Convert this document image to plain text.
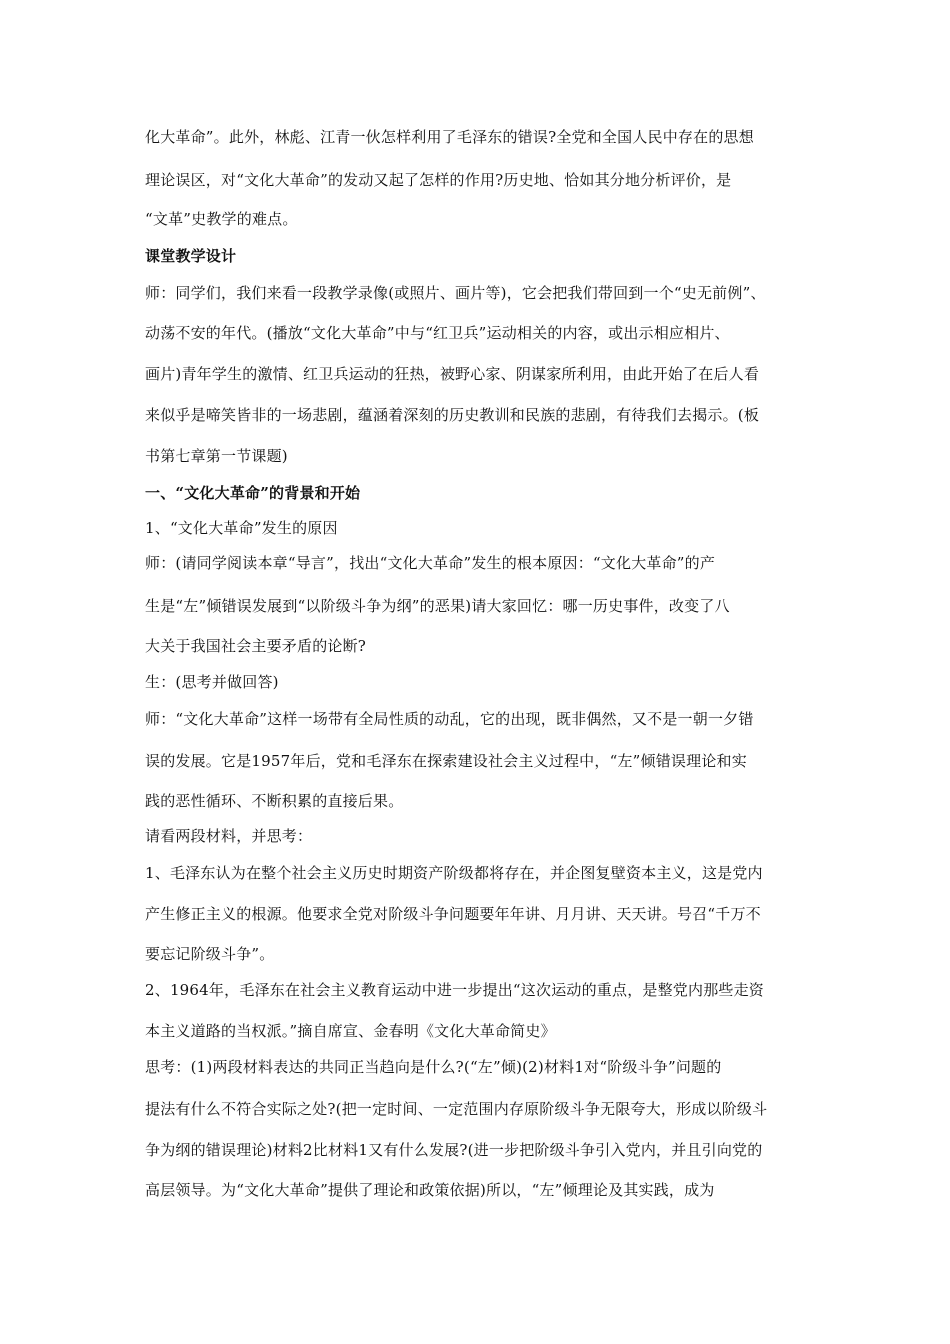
化大革命”。此外，林彪、江青一伙怎样利用了毛泽东的错误?全党和全国人民中存在的思想
理论误区，对“文化大革命”的发动又起了怎样的作用?历史地、恰如其分地分析评价，是
“文革”史教学的难点。
课堂教学设计
师：同学们，我们来看一段教学录像(或照片、画片等)，它会把我们带回到一个“史无前例”、
动荡不安的年代。(播放“文化大革命”中与“红卫兵”运动相关的内容，或出示相应相片、
画片)青年学生的激情、红卫兵运动的狂热，被野心家、阴谋家所利用，由此开始了在后人看
来似乎是啼笑皆非的一场悲剧，蕴涵着深刻的历史教训和民族的悲剧，有待我们去揭示。(板
书第七章第一节课题)
一、“文化大革命”的背景和开始
1、“文化大革命”发生的原因
师：(请同学阅读本章“导言”，找出“文化大革命”发生的根本原因：“文化大革命”的产
生是“左”倾错误发展到“以阶级斗争为纲”的恶果)请大家回忆：哪一历史事件，改变了八
大关于我国社会主要矛盾的论断?
生：(思考并做回答)
师：“文化大革命”这样一场带有全局性质的动乱，它的出现，既非偶然，又不是一朝一夕错
误的发展。它是1957年后，党和毛泽东在探索建设社会主义过程中，“左”倾错误理论和实
践的恶性循环、不断积累的直接后果。
请看两段材料，并思考：
1、毛泽东认为在整个社会主义历史时期资产阶级都将存在，并企图复壁资本主义，这是党内
产生修正主义的根源。他要求全党对阶级斗争问题要年年讲、月月讲、天天讲。号召“千万不
要忘记阶级斗争”。
2、1964年，毛泽东在社会主义教育运动中进一步提出“这次运动的重点，是整党内那些走资
本主义道路的当权派。”摘自席宣、金春明《文化大革命简史》
思考：(1)两段材料表达的共同正当趋向是什么?(“左”倾)(2)材料1对“阶级斗争”问题的
提法有什么不符合实际之处?(把一定时间、一定范围内存原阶级斗争无限夸大，形成以阶级斗
争为纲的错误理论)材料2比材料1又有什么发展?(进一步把阶级斗争引入党内，并且引向党的
高层领导。为“文化大革命”提供了理论和政策依据)所以，“左”倾理论及其实践，成为
